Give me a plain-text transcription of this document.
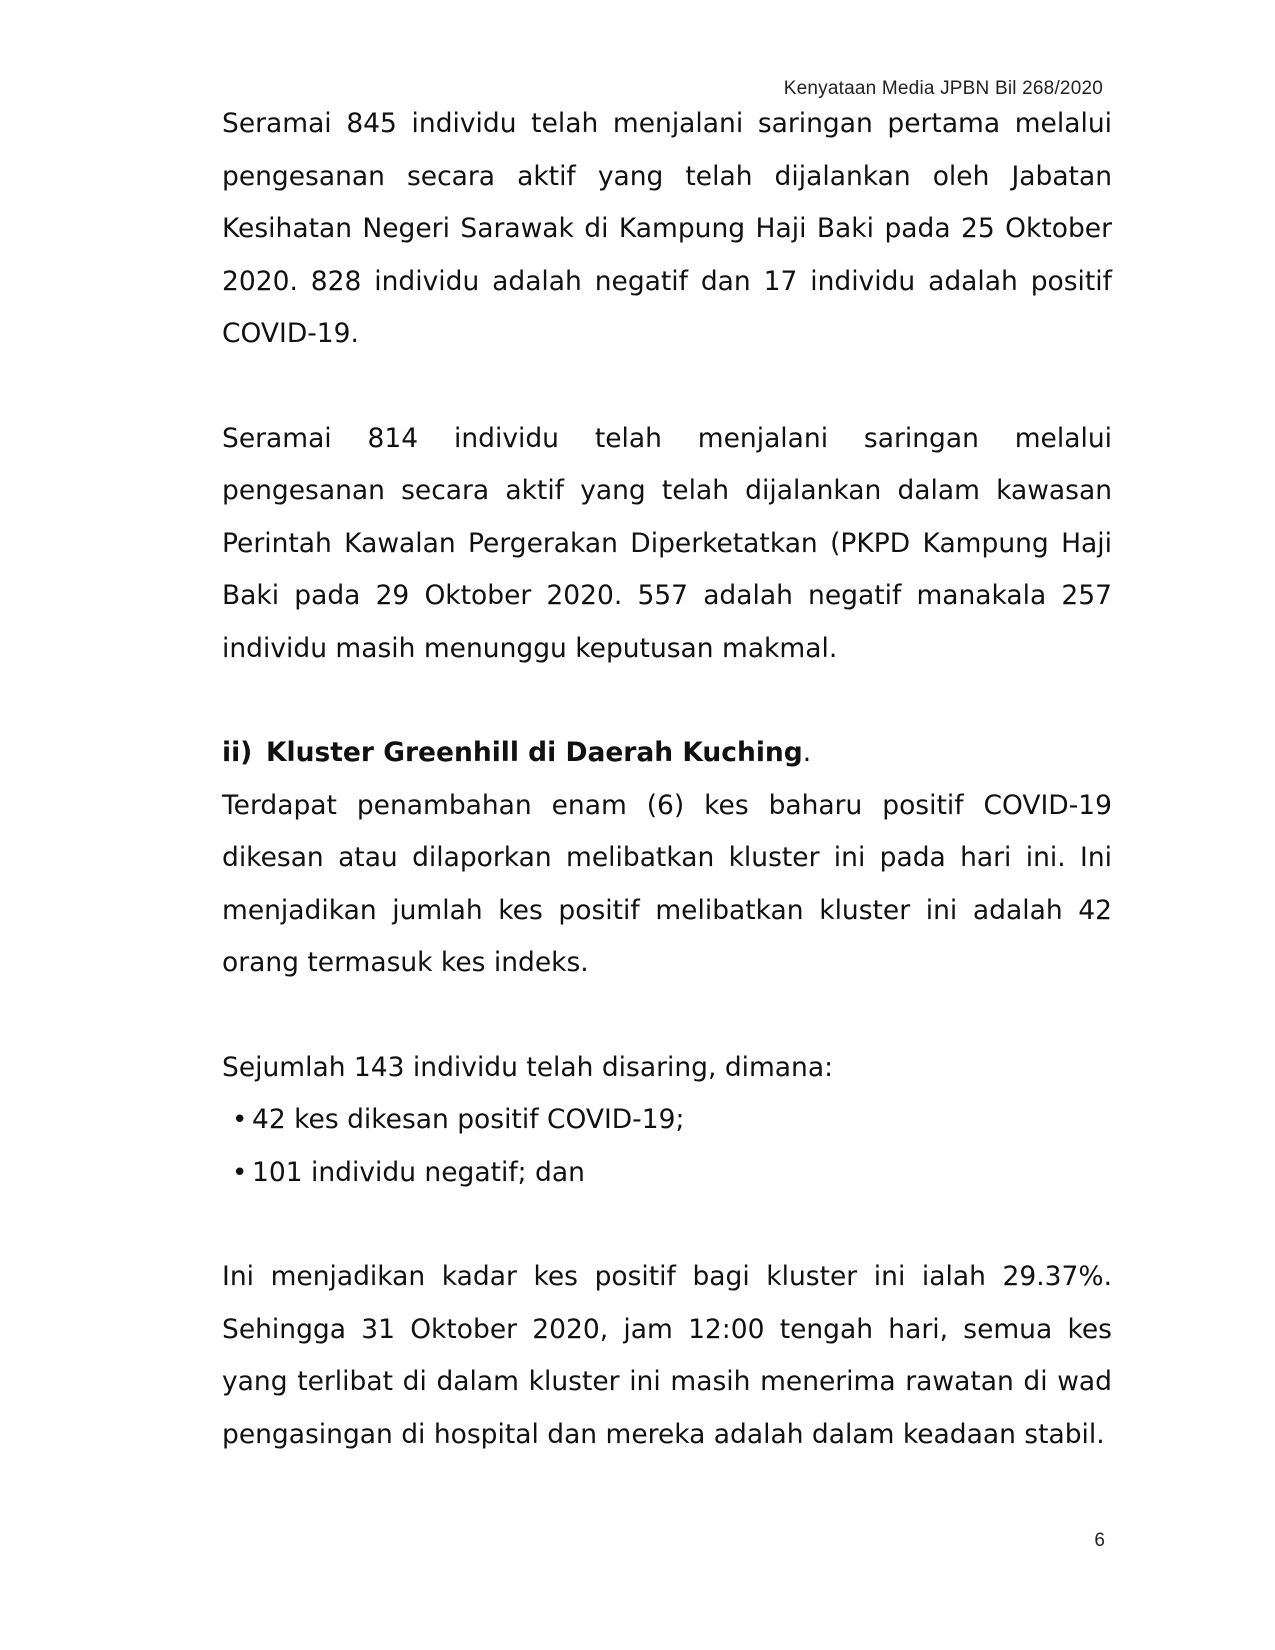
Kenyataan Media JPBN Bil 268/2020

Seramai 845 individu telah menjalani saringan pertama melalui pengesanan secara aktif yang telah dijalankan oleh Jabatan Kesihatan Negeri Sarawak di Kampung Haji Baki pada 25 Oktober 2020. 828 individu adalah negatif dan 17 individu adalah positif COVID-19.

Seramai 814 individu telah menjalani saringan melalui pengesanan secara aktif yang telah dijalankan dalam kawasan Perintah Kawalan Pergerakan Diperketatkan (PKPD Kampung Haji Baki pada 29 Oktober 2020. 557 adalah negatif manakala 257 individu masih menunggu keputusan makmal.

ii) Kluster Greenhill di Daerah Kuching .

Terdapat penambahan enam (6) kes baharu positif COVID-19 dikesan atau dilaporkan melibatkan kluster ini pada hari ini. Ini menjadikan jumlah kes positif melibatkan kluster ini adalah 42 orang termasuk kes indeks.

Sejumlah 143 individu telah disaring, dimana:

• 42 kes dikesan positif COVID-19;
• 101 individu negatif; dan

Ini menjadikan kadar kes positif bagi kluster ini ialah 29.37%. Sehingga 31 Oktober 2020, jam 12:00 tengah hari, semua kes yang terlibat di dalam kluster ini masih menerima rawatan di wad pengasingan di hospital dan mereka adalah dalam keadaan stabil.

6
